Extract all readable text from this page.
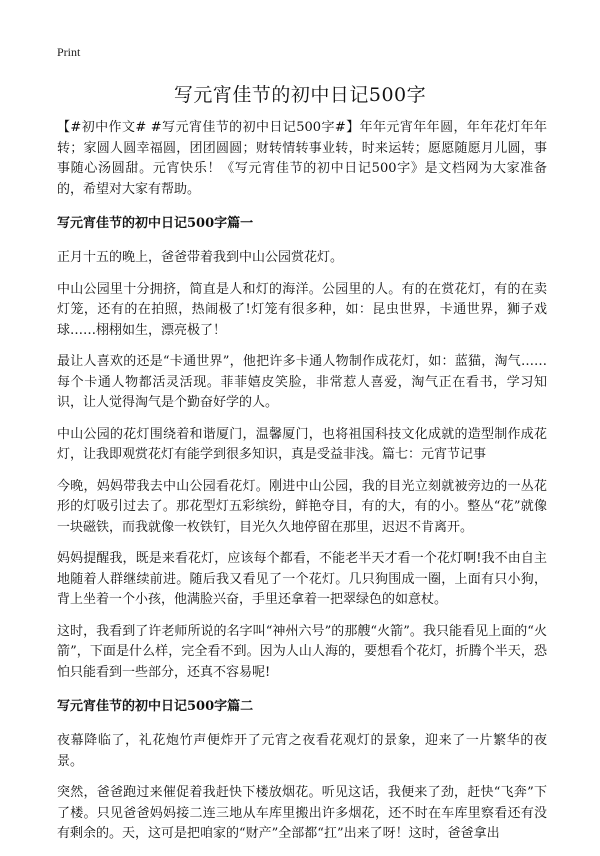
Print
写元宵佳节的初中日记500字

【#初中作文# #写元宵佳节的初中日记500字#】年年元宵年年圆，年年花灯年年转；家圆人圆幸福圆，团团圆圆；财转情转事业转，时来运转；愿愿随愿月儿圆，事事随心汤圆甜。元宵快乐！《写元宵佳节的初中日记500字》是文档网为大家准备的，希望对大家有帮助。

写元宵佳节的初中日记500字篇一

正月十五的晚上，爸爸带着我到中山公园赏花灯。

中山公园里十分拥挤，简直是人和灯的海洋。公园里的人。有的在赏花灯，有的在卖灯笼，还有的在拍照，热闹极了!灯笼有很多种，如：昆虫世界，卡通世界，狮子戏球……栩栩如生，漂亮极了！

最让人喜欢的还是“卡通世界”，他把许多卡通人物制作成花灯，如：蓝猫，淘气……每个卡通人物都活灵活现。菲菲嬉皮笑脸，非常惹人喜爱，淘气正在看书，学习知识，让人觉得淘气是个勤奋好学的人。

中山公园的花灯围绕着和谐厦门，温馨厦门，也将祖国科技文化成就的造型制作成花灯，让我即观赏花灯有能学到很多知识，真是受益非浅。篇七：元宵节记事

今晚，妈妈带我去中山公园看花灯。刚进中山公园，我的目光立刻就被旁边的一丛花形的灯吸引过去了。那花型灯五彩缤纷，鲜艳夺目，有的大，有的小。整丛“花”就像一块磁铁，而我就像一枚铁钉，目光久久地停留在那里，迟迟不肯离开。

妈妈提醒我，既是来看花灯，应该每个都看，不能老半天才看一个花灯啊!我不由自主地随着人群继续前进。随后我又看见了一个花灯。几只狗围成一圈，上面有只小狗，背上坐着一个小孩，他满脸兴奋，手里还拿着一把翠绿色的如意杖。

这时，我看到了许老师所说的名字叫“神州六号”的那艘“火箭”。我只能看见上面的“火箭”，下面是什么样，完全看不到。因为人山人海的，要想看个花灯，折腾个半天，恐怕只能看到一些部分，还真不容易呢!

写元宵佳节的初中日记500字篇二

夜幕降临了，礼花炮竹声便炸开了元宵之夜看花观灯的景象，迎来了一片繁华的夜景。

突然，爸爸跑过来催促着我赶快下楼放烟花。听见这话，我便来了劲，赶快“飞奔”下了楼。只见爸爸妈妈接二连三地从车库里搬出许多烟花，还不时在车库里察看还有没有剩余的。天，这可是把咱家的“财产”全部都“扛”出来了呀！这时，爸爸拿出
